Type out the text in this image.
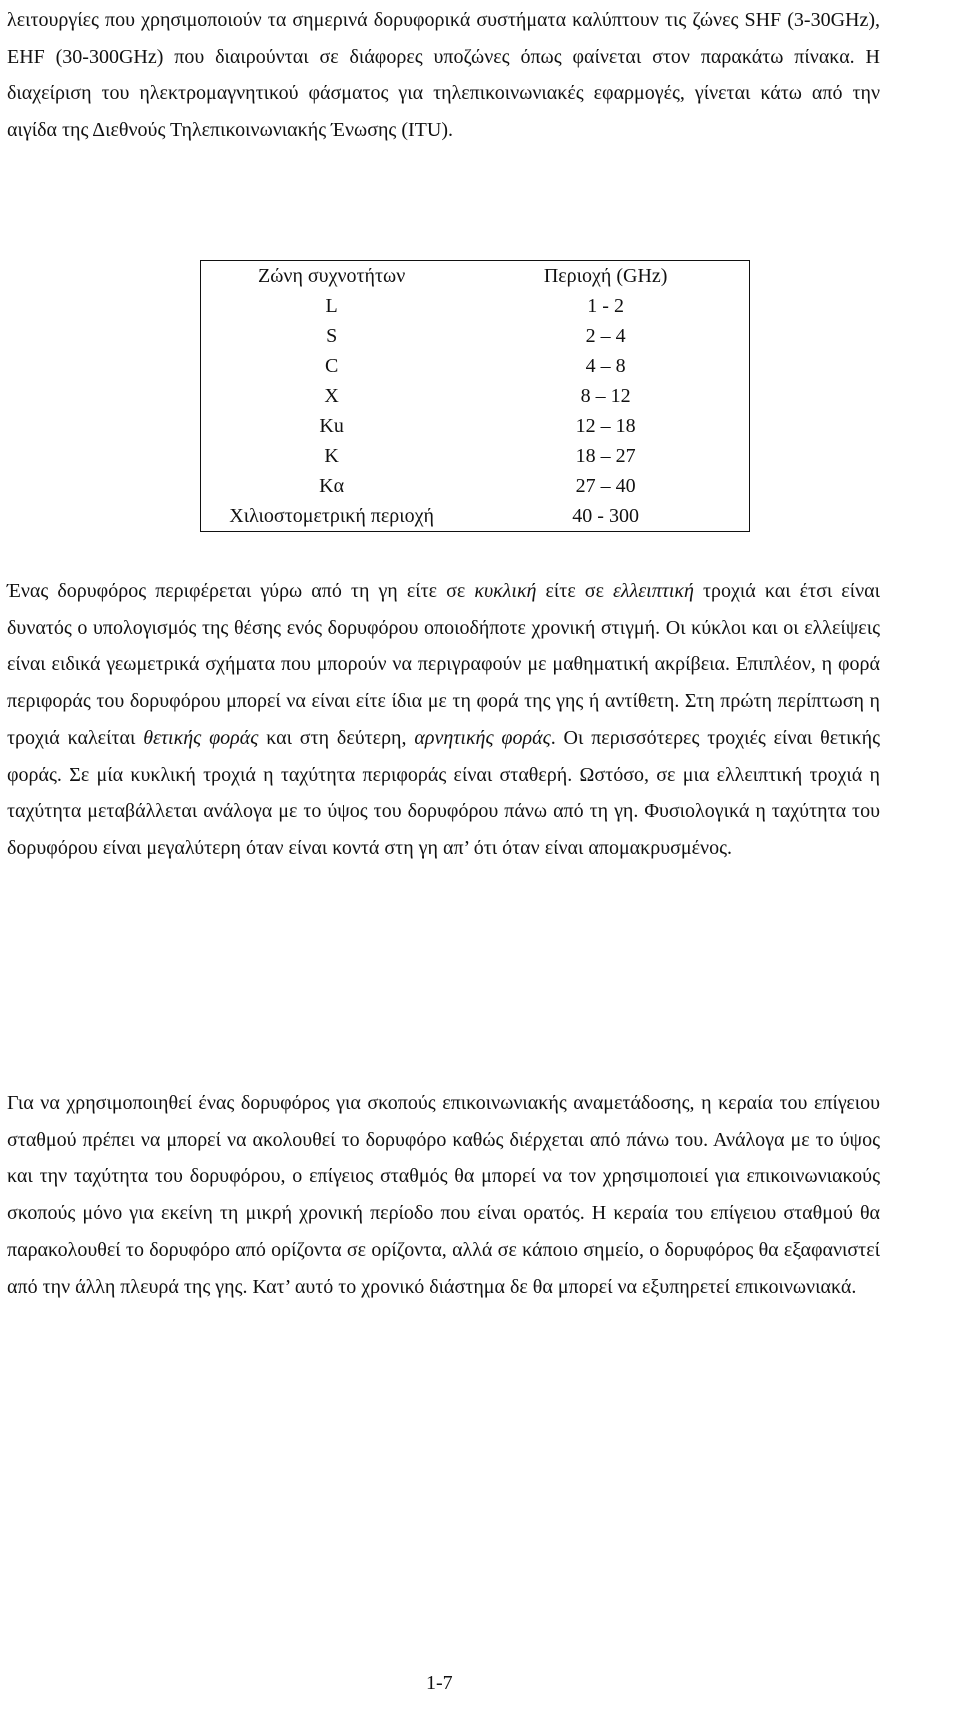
λειτουργίες που χρησιμοποιούν τα σημερινά δορυφορικά συστήματα καλύπτουν τις ζώνες SHF (3-30GHz), EHF (30-300GHz) που διαιρούνται σε διάφορες υποζώνες όπως φαίνεται στον παρακάτω πίνακα. Η διαχείριση του ηλεκτρομαγνητικού φάσματος για τηλεπικοινωνιακές εφαρμογές, γίνεται κάτω από την αιγίδα της Διεθνούς Τηλεπικοινωνιακής Ένωσης (ITU).

Ζώνη συχνοτήτων	Περιοχή (GHz)
L	1 - 2
S	2 – 4
C	4 – 8
X	8 – 12
Ku	12 – 18
K	18 – 27
Kα	27 – 40
Χιλιοστομετρική περιοχή	40 - 300

Ένας δορυφόρος περιφέρεται γύρω από τη γη είτε σε κυκλική είτε σε ελλειπτική τροχιά και έτσι είναι δυνατός ο υπολογισμός της θέσης ενός δορυφόρου οποιοδήποτε χρονική στιγμή. Οι κύκλοι και οι ελλείψεις είναι ειδικά γεωμετρικά σχήματα που μπορούν να περιγραφούν με μαθηματική ακρίβεια. Επιπλέον, η φορά περιφοράς του δορυφόρου μπορεί να είναι είτε ίδια με τη φορά της γης ή αντίθετη. Στη πρώτη περίπτωση η τροχιά καλείται θετικής φοράς και στη δεύτερη, αρνητικής φοράς. Οι περισσότερες τροχιές είναι θετικής φοράς. Σε μία κυκλική τροχιά η ταχύτητα περιφοράς είναι σταθερή. Ωστόσο, σε μια ελλειπτική τροχιά η ταχύτητα μεταβάλλεται ανάλογα με το ύψος του δορυφόρου πάνω από τη γη. Φυσιολογικά η ταχύτητα του δορυφόρου είναι μεγαλύτερη όταν είναι κοντά στη γη απ’ ότι όταν είναι απομακρυσμένος.

Για να χρησιμοποιηθεί ένας δορυφόρος για σκοπούς επικοινωνιακής αναμετάδοσης, η κεραία του επίγειου σταθμού πρέπει να μπορεί να ακολουθεί το δορυφόρο καθώς διέρχεται από πάνω του. Ανάλογα με το ύψος και την ταχύτητα του δορυφόρου, ο επίγειος σταθμός θα μπορεί να τον χρησιμοποιεί για επικοινωνιακούς σκοπούς μόνο για εκείνη τη μικρή χρονική περίοδο που είναι ορατός. Η κεραία του επίγειου σταθμού θα παρακολουθεί το δορυφόρο από ορίζοντα σε ορίζοντα, αλλά σε κάποιο σημείο, ο δορυφόρος θα εξαφανιστεί από την άλλη πλευρά της γης. Κατ’ αυτό το χρονικό διάστημα δε θα μπορεί να εξυπηρετεί επικοινωνιακά.

1-7
